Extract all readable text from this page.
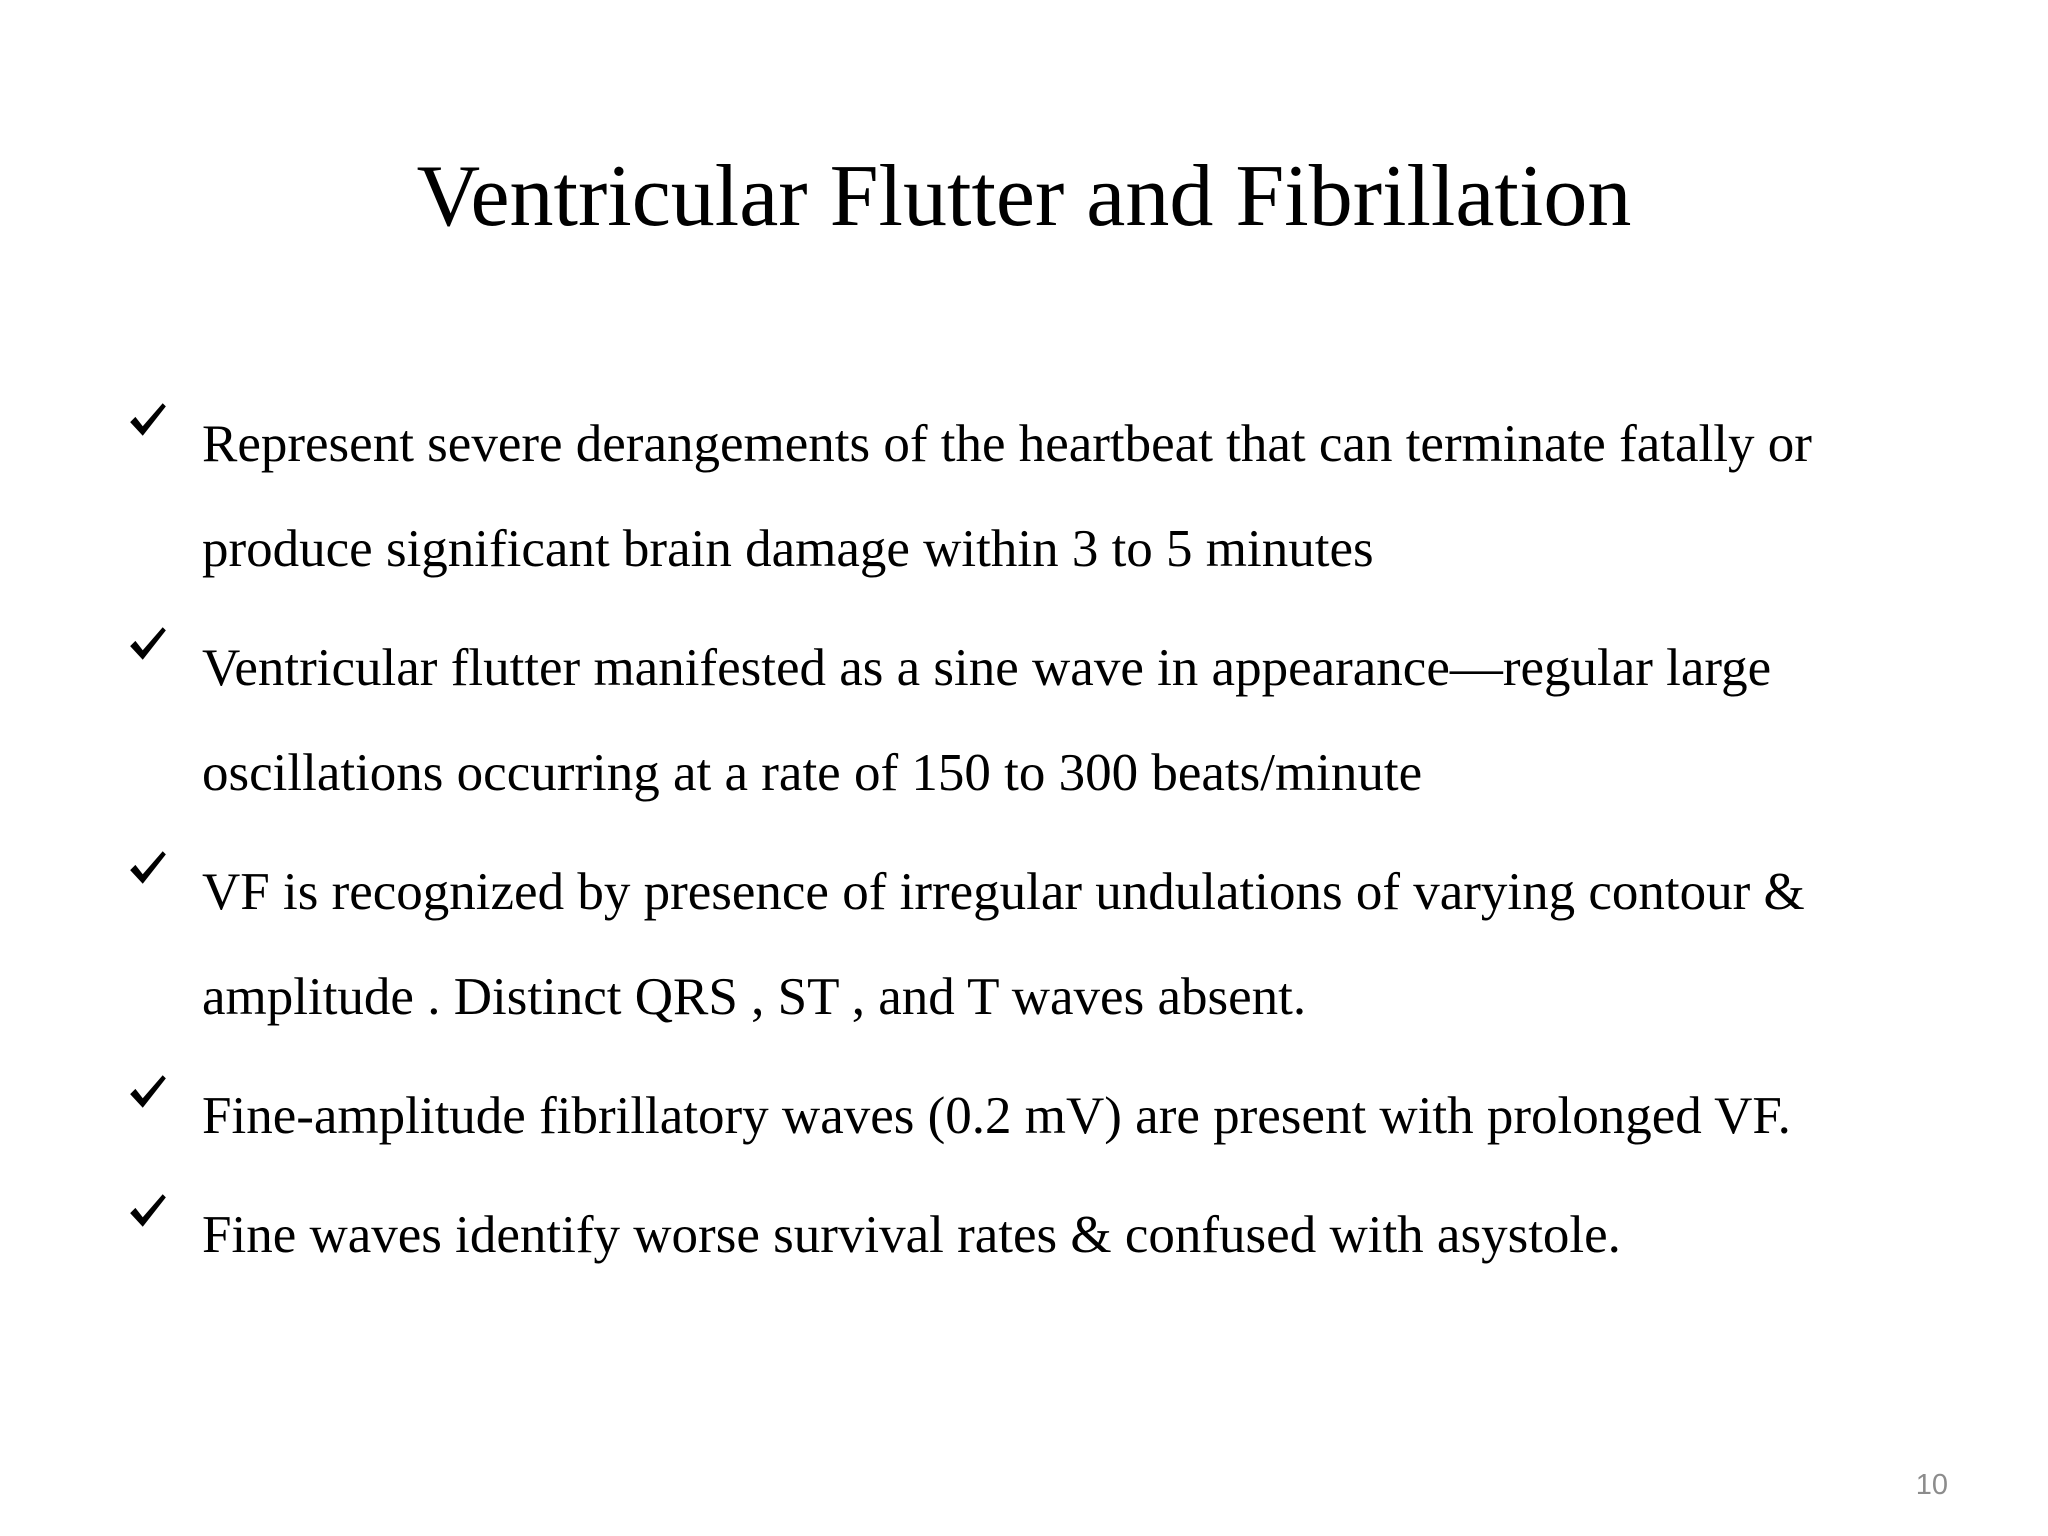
Ventricular Flutter and Fibrillation
Represent severe derangements of the heartbeat that can terminate fatally or produce significant brain damage within 3 to 5 minutes
Ventricular flutter manifested as a sine wave in appearance—regular large oscillations occurring at a rate of 150 to 300 beats/minute
VF is recognized by presence of irregular undulations of varying contour & amplitude . Distinct QRS , ST , and T waves absent.
Fine-amplitude fibrillatory waves (0.2 mV) are present with prolonged VF.
Fine waves identify worse survival rates & confused with asystole.
10
